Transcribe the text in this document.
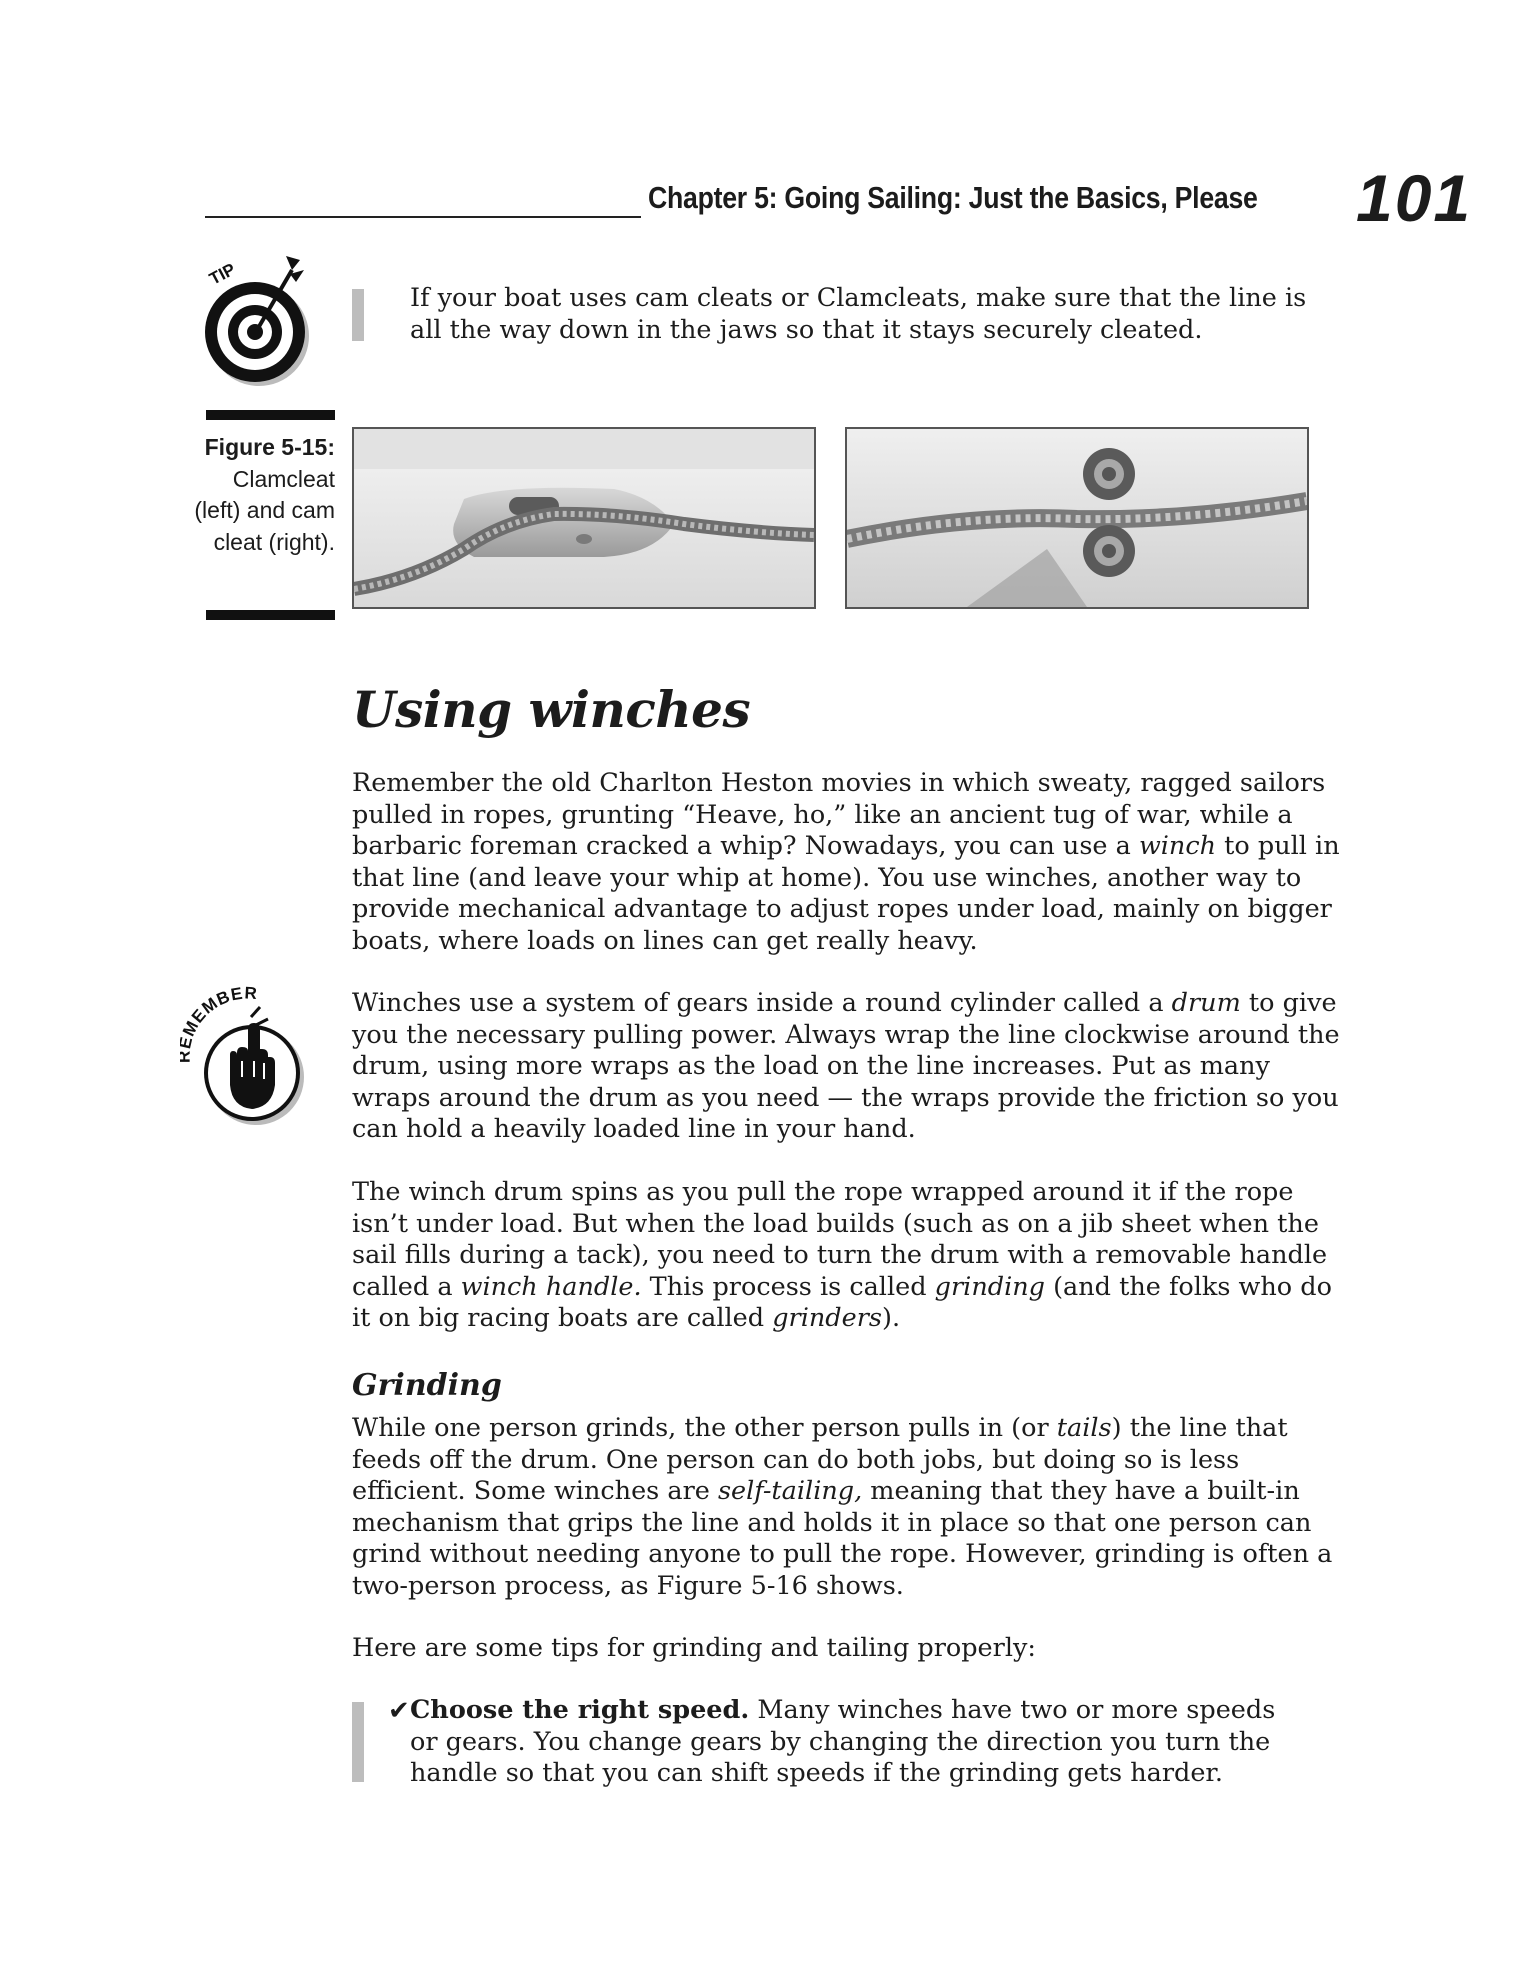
Chapter 5: Going Sailing: Just the Basics, Please 101
TIP
If your boat uses cam cleats or Clamcleats, make sure that the line is all the way down in the jaws so that it stays securely cleated.
Figure 5-15:
Clamcleat (left) and cam cleat (right).
Using winches
Remember the old Charlton Heston movies in which sweaty, ragged sailors pulled in ropes, grunting “Heave, ho,” like an ancient tug of war, while a barbaric foreman cracked a whip? Nowadays, you can use a winch to pull in that line (and leave your whip at home). You use winches, another way to provide mechanical advantage to adjust ropes under load, mainly on bigger boats, where loads on lines can get really heavy.
MEMBER	Winches use a system of gears inside a round cylinder called a drum to give you the necessary pulling power. Always wrap the line clockwise around the drum, using more wraps as the load on the line increases. Put as many wraps around the drum as you need — the wraps provide the friction so you can hold a heavily loaded line in your hand.
The winch drum spins as you pull the rope wrapped around it if the rope isn’t under load. But when the load builds (such as on a jib sheet when the sail fills during a tack), you need to turn the drum with a removable handle called a winch handle. This process is called grinding (and the folks who do it on big racing boats are called grinders).
Grinding
While one person grinds, the other person pulls in (or tails) the line that feeds off the drum. One person can do both jobs, but doing so is less efficient. Some winches are self-tailing, meaning that they have a built-in mechanism that grips the line and holds it in place so that one person can grind without needing anyone to pull the rope. However, grinding is often a two-person process, as Figure 5-16 shows.
Here are some tips for grinding and tailing properly:
✔ Choose the right speed. Many winches have two or more speeds or gears. You change gears by changing the direction you turn the handle so that you can shift speeds if the grinding gets harder.
